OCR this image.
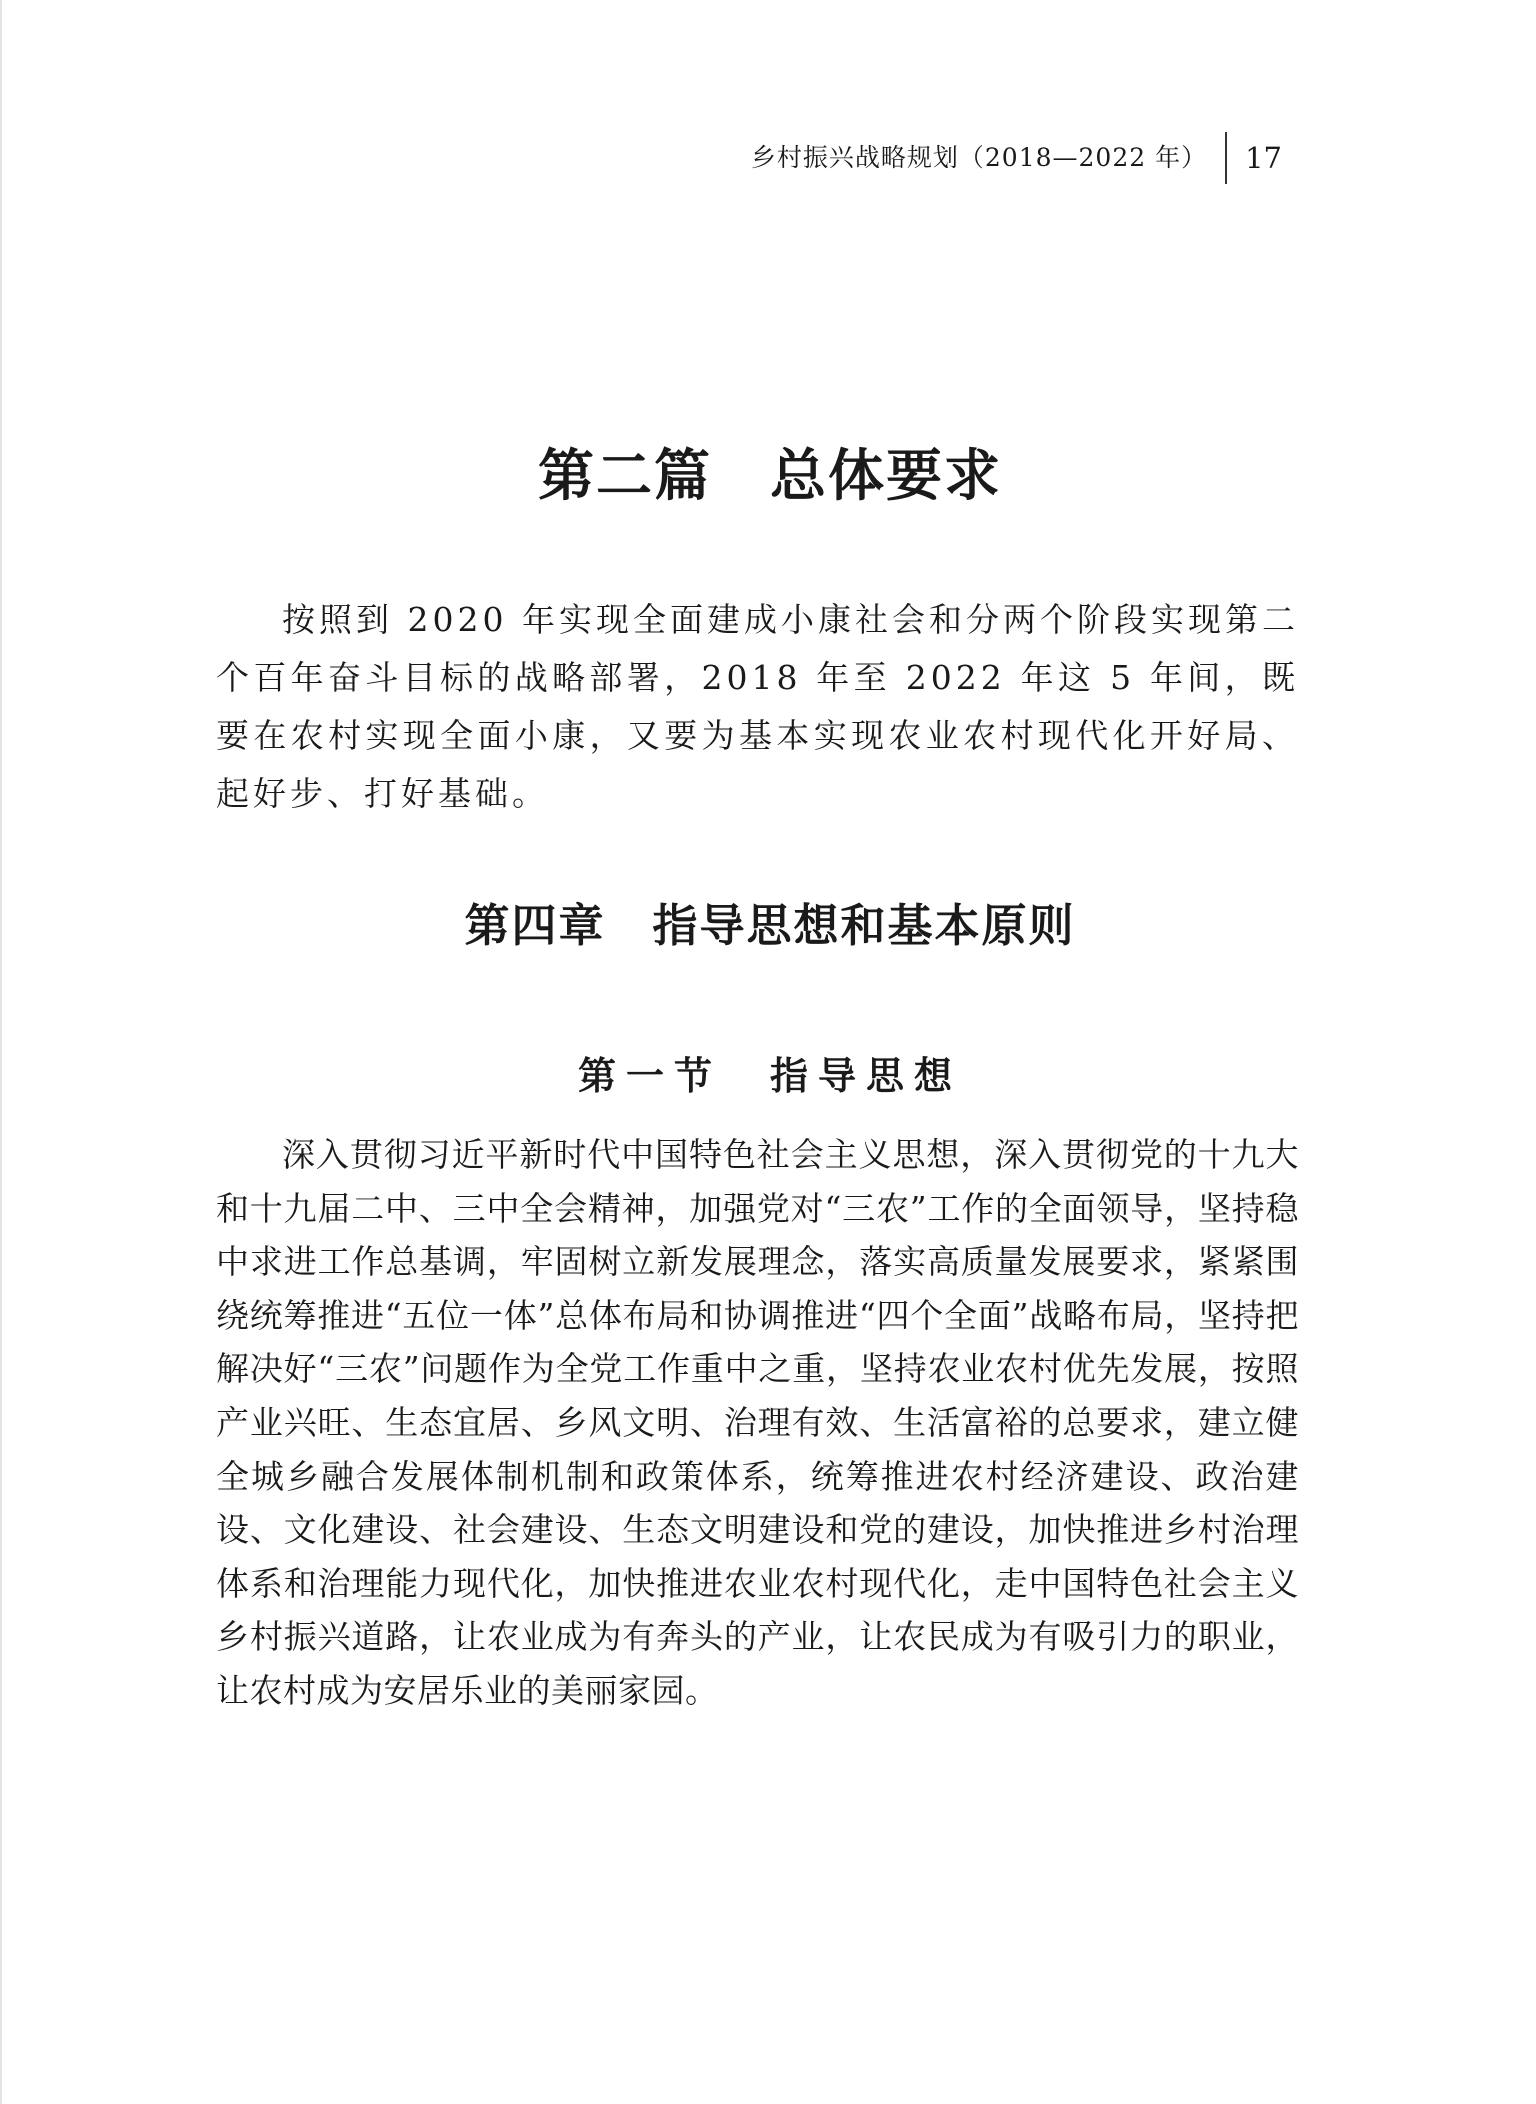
乡村振兴战略规划（2018—2022 年）	17
第二篇　总体要求

按照到 2020 年实现全面建成小康社会和分两个阶段实现第二个百年奋斗目标的战略部署，2018 年至 2022 年这 5 年间，既要在农村实现全面小康，又要为基本实现农业农村现代化开好局、起好步、打好基础。

第四章　指导思想和基本原则
第一节　指导思想

深入贯彻习近平新时代中国特色社会主义思想，深入贯彻党的十九大和十九届二中、三中全会精神，加强党对“三农”工作的全面领导，坚持稳中求进工作总基调，牢固树立新发展理念，落实高质量发展要求，紧紧围绕统筹推进“五位一体”总体布局和协调推进“四个全面”战略布局，坚持把解决好“三农”问题作为全党工作重中之重，坚持农业农村优先发展，按照产业兴旺、生态宜居、乡风文明、治理有效、生活富裕的总要求，建立健全城乡融合发展体制机制和政策体系，统筹推进农村经济建设、政治建设、文化建设、社会建设、生态文明建设和党的建设，加快推进乡村治理体系和治理能力现代化，加快推进农业农村现代化，走中国特色社会主义乡村振兴道路，让农业成为有奔头的产业，让农民成为有吸引力的职业，让农村成为安居乐业的美丽家园。
